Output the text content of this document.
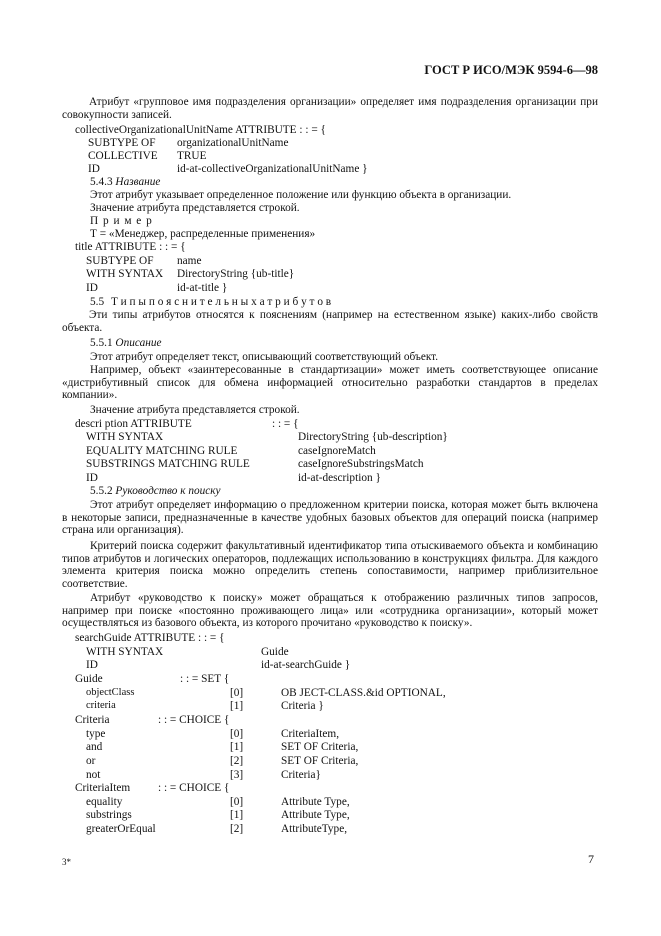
ГОСТ Р ИСО/МЭК 9594-6—98
Атрибут «групповое имя подразделения организации» определяет имя подразделения организации при совокупности записей.
collectiveOrganizationalUnitName ATTRIBUTE : : = {
SUBTYPE OF organizationalUnitName
COLLECTIVE TRUE
ID	id-at-collectiveOrganizationalUnitName }
5.4.3 Название
Этот атрибут указывает определенное положение или функцию объекта в организации.
Значение атрибута представляется строкой.
П р и м е р
Т = «Менеджер, распределенные применения»
title ATTRIBUTE : : = {
SUBTYPE OF name
WITH SYNTAX DirectoryString {ub-title}
ID	id-at-title }
5.5 Т и п ы п о я с н и т е л ь н ы х а т р и б у т о в
Эти типы атрибутов относятся к пояснениям (например на естественном языке) каких-либо свойств объекта.
5.5.1 Описание
Этот атрибут определяет текст, описывающий соответствующий объект.
Например, объект «заинтересованные в стандартизации» может иметь соответствующее описание «дистрибутивный список для обмена информацией относительно разработки стандартов в пределах компании».
Значение атрибута представляется строкой.
descri ption ATTRIBUTE	: : = {
WITH SYNTAX	DirectoryString {ub-description}
EQUALITY MATCHING RULE	caseIgnoreMatch
SUBSTRINGS MATCHING RULE	caseIgnoreSubstringsMatch
ID	id-at-description }
5.5.2 Руководство к поиску
Этот атрибут определяет информацию о предложенном критерии поиска, которая может быть включена в некоторые записи, предназначенные в качестве удобных базовых объектов для операций поиска (например страна или организация).
Критерий поиска содержит факультативный идентификатор типа отыскиваемого объекта и комбинацию типов атрибутов и логических операторов, подлежащих использованию в конструкциях фильтра. Для каждого элемента критерия поиска можно определить степень сопоставимости, например приблизительное соответствие.
Атрибут «руководство к поиску» может обращаться к отображению различных типов запросов, например при поиске «постоянно проживающего лица» или «сотрудника организации», который может осуществляться из базового объекта, из которого прочитано «руководство к поиску».
searchGuide ATTRIBUTE : : = {
WITH SYNTAX	Guide
ID	id-at-searchGuide }
Guide	: : = SET {
objectClass	[0]	OB JECT-CLASS.&id OPTIONAL,
criteria	[1]	Criteria }
Criteria	: : = CHOICE {
type	[0]	CriteriaItem,
and	[1]	SET OF Criteria,
or	[2]	SET OF Criteria,
not	[3]	Criteria}
CriteriaItem : : = CHOICE {
equality	[0]	Attribute Type,
substrings	[1]	Attribute Type,
greaterOrEqual	[2]	AttributeType,
3*	7
